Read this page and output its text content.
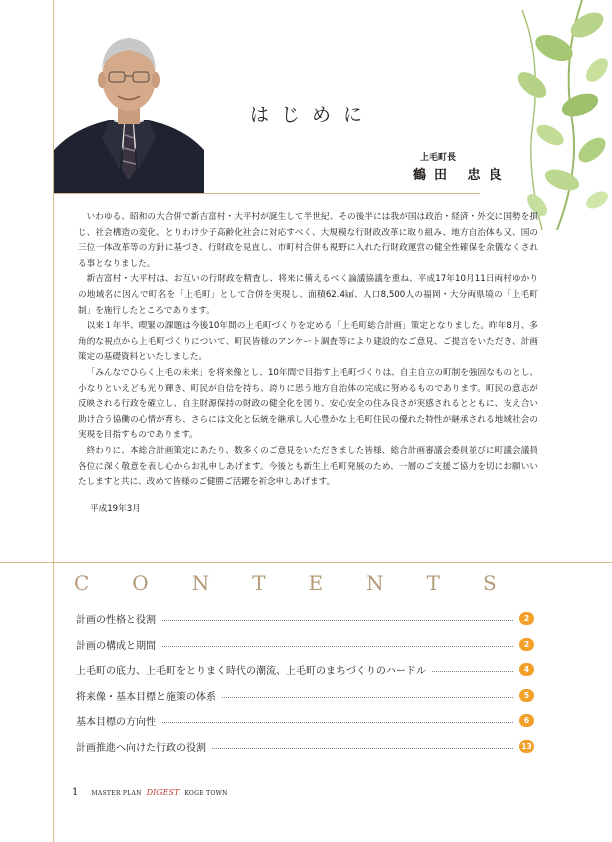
はじめに
上毛町長
鶴田 忠良

いわゆる、昭和の大合併で新吉富村・大平村が誕生して半世紀、その後半には我が国は政治・経済・外交に国勢を損じ、社会構造の変化、とりわけ少子高齢化社会に対応すべく、大規模な行財政改革に取り組み、地方自治体も又、国の三位一体改革等の方針に基づき、行財政を見直し、市町村合併も視野に入れた行財政運営の健全性確保を余儀なくされる事となりました。

新吉富村・大平村は、お互いの行財政を精査し、将来に備えるべく論議協議を重ね、平成17年10月11日両村ゆかりの地域名に因んで町名を「上毛町」として合併を実現し、面積62.4㎢、人口8,500人の福岡・大分両県境の「上毛町制」を施行したところであります。

以来１年半、喫緊の課題は今後10年間の上毛町づくりを定める「上毛町総合計画」策定となりました。昨年8月、多角的な視点から上毛町づくりについて、町民皆様のアンケート調査等により建設的なご意見、ご提言をいただき、計画策定の基礎資料といたしました。

「みんなでひらく上毛の未来」を将来像とし、10年間で目指す上毛町づくりは、自主自立の町制を強固なものとし、小なりといえども光り輝き、町民が自信を持ち、誇りに思う地方自治体の完成に努めるものであります。町民の意志が反映される行政を確立し、自主財源保持の財政の健全化を図り、安心安全の住み良さが実感されるとともに、支え合い助け合う協働の心情が育ち、さらには文化と伝統を継承し人心豊かな上毛町住民の優れた特性が継承される地域社会の実現を目指すものであります。

終わりに、本総合計画策定にあたり、数多くのご意見をいただきました皆様、総合計画審議会委員並びに町議会議員各位に深く敬意を表し心からお礼申しあげます。今後とも新生上毛町発展のため、一層のご支援ご協力を切にお願いいたしますと共に、改めて皆様のご健勝ご活躍を祈念申しあげます。

平成19年3月
CONTENTS
計画の性格と役割	2
計画の構成と期間	2
上毛町の底力、上毛町をとりまく時代の潮流、上毛町のまちづくりのハードル	4
将来像・基本目標と施策の体系	5
基本目標の方向性	6
計画推進へ向けた行政の役割	13
1 MASTER PLAN DIGEST KOGE TOWN
